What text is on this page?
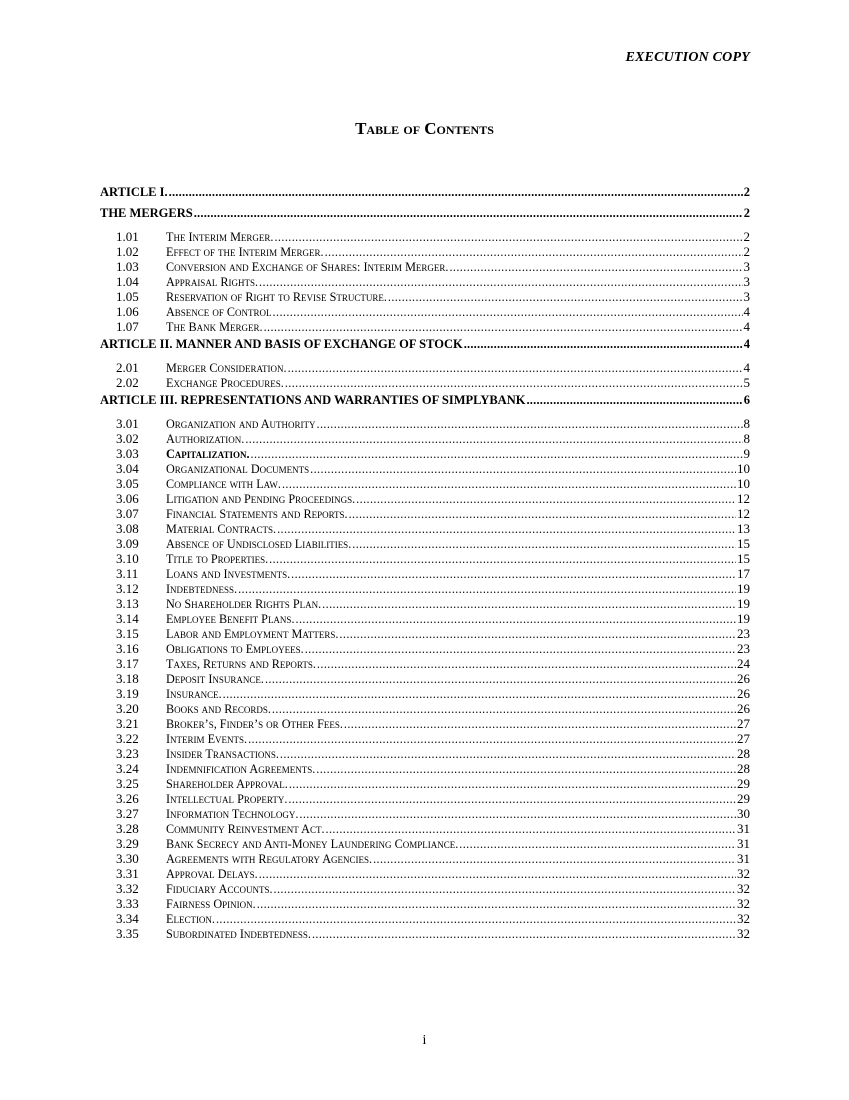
EXECUTION COPY
Table of Contents
ARTICLE I. .....	2
THE MERGERS .....	2
1.01	The Interim Merger. .....	2
1.02	Effect of the Interim Merger. .....	2
1.03	Conversion and Exchange of Shares: Interim Merger. .....	3
1.04	Appraisal Rights. .....	3
1.05	Reservation of Right to Revise Structure. .....	3
1.06	Absence of Control .....	4
1.07	The Bank Merger. .....	4
ARTICLE II. MANNER AND BASIS OF EXCHANGE OF STOCK .....	4
2.01	Merger Consideration. .....	4
2.02	Exchange Procedures. .....	5
ARTICLE III. REPRESENTATIONS AND WARRANTIES OF SIMPLYBANK .....	6
3.01	Organization and Authority .....	8
3.02	Authorization. .....	8
3.03	Capitalization. .....	9
3.04	Organizational Documents .....	10
3.05	Compliance with Law. .....	10
3.06	Litigation and Pending Proceedings. .....	12
3.07	Financial Statements and Reports. .....	12
3.08	Material Contracts. .....	13
3.09	Absence of Undisclosed Liabilities. .....	15
3.10	Title to Properties. .....	15
3.11	Loans and Investments. .....	17
3.12	Indebtedness. .....	19
3.13	No Shareholder Rights Plan. .....	19
3.14	Employee Benefit Plans. .....	19
3.15	Labor and Employment Matters. .....	23
3.16	Obligations to Employees. .....	23
3.17	Taxes, Returns and Reports. .....	24
3.18	Deposit Insurance. .....	26
3.19	Insurance. .....	26
3.20	Books and Records. .....	26
3.21	Broker’s, Finder’s or Other Fees. .....	27
3.22	Interim Events. .....	27
3.23	Insider Transactions. .....	28
3.24	Indemnification Agreements. .....	28
3.25	Shareholder Approval. .....	29
3.26	Intellectual Property. .....	29
3.27	Information Technology. .....	30
3.28	Community Reinvestment Act. .....	31
3.29	Bank Secrecy and Anti-Money Laundering Compliance. .....	31
3.30	Agreements with Regulatory Agencies. .....	31
3.31	Approval Delays. .....	32
3.32	Fiduciary Accounts. .....	32
3.33	Fairness Opinion. .....	32
3.34	Election. .....	32
3.35	Subordinated Indebtedness. .....	32
i
